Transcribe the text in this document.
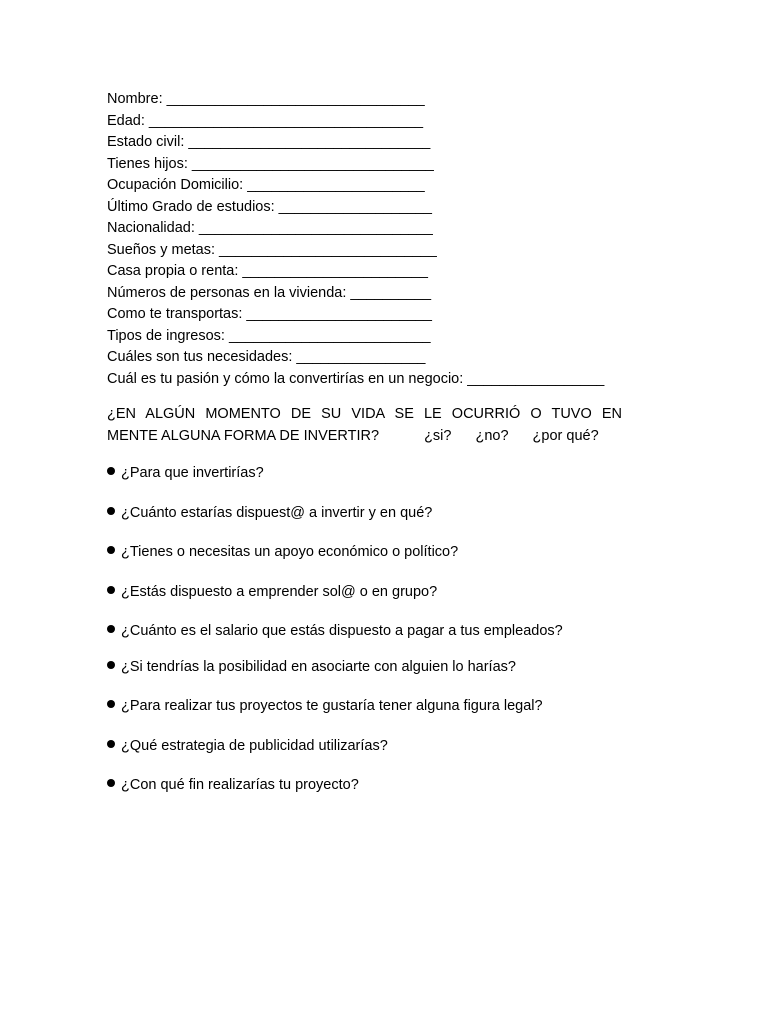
Nombre: ________________________________
Edad: __________________________________
Estado civil: ______________________________
Tienes hijos: ______________________________
Ocupación Domicilio: ______________________
Último Grado de estudios: ___________________
Nacionalidad: _____________________________
Sueños y metas: ___________________________
Casa propia o renta: _______________________
Números de personas en la vivienda: __________
Como te transportas: _______________________
Tipos de ingresos: _________________________
Cuáles son tus necesidades: ________________
Cuál es tu pasión y cómo la convertirías en un negocio: _________________
¿EN ALGÚN MOMENTO DE SU VIDA SE LE OCURRIÓ O TUVO EN
MENTE ALGUNA FORMA DE INVERTIR?	¿si? ¿no? ¿por qué?
¿Para que invertirías?
¿Cuánto estarías dispuest@ a invertir y en qué?
¿Tienes o necesitas un apoyo económico o político?
¿Estás dispuesto a emprender sol@ o en grupo?
¿Cuánto es el salario que estás dispuesto a pagar a tus empleados?
¿Si tendrías la posibilidad en asociarte con alguien lo harías?
¿Para realizar tus proyectos te gustaría tener alguna figura legal?
¿Qué estrategia de publicidad utilizarías?
¿Con qué fin realizarías tu proyecto?
